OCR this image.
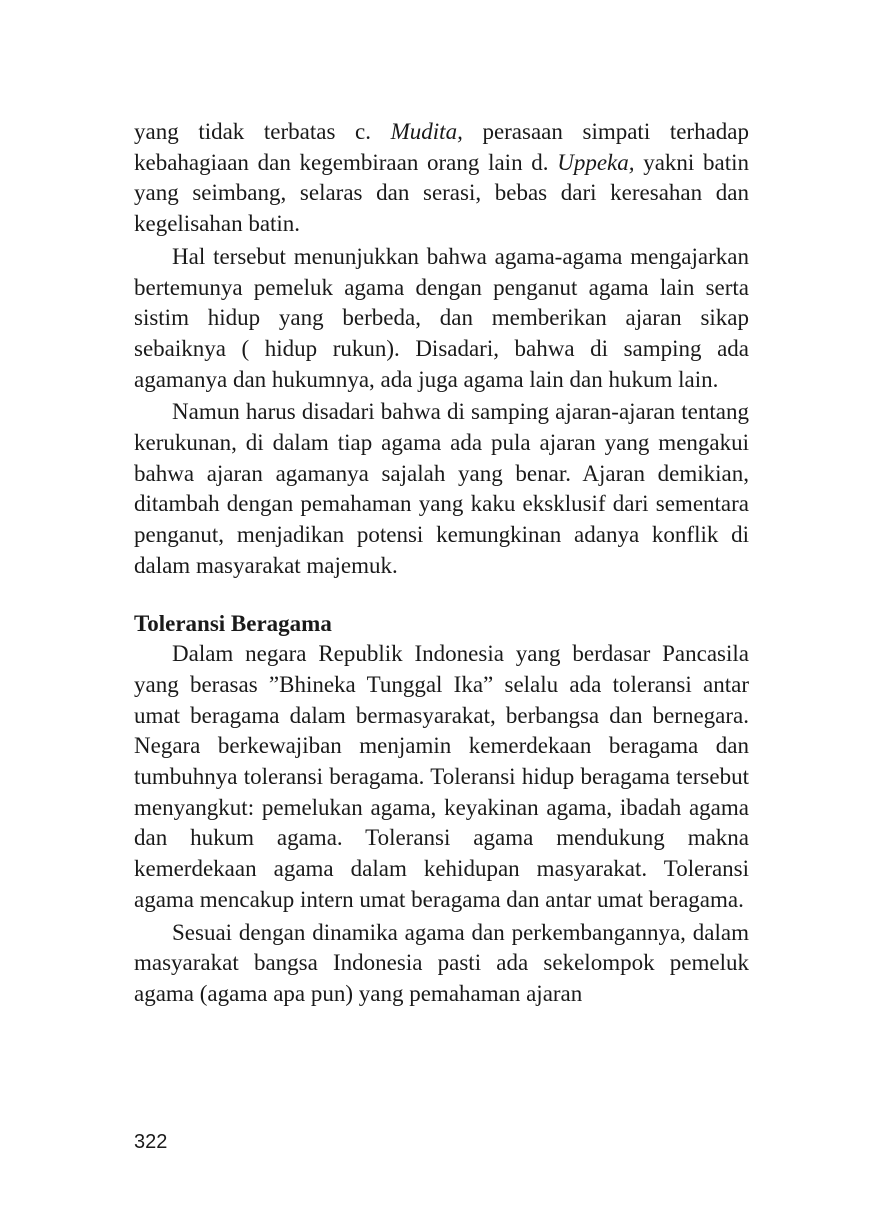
yang tidak terbatas c. Mudita, perasaan simpati terhadap kebahagiaan dan kegembiraan orang lain d. Uppeka, yakni batin yang seimbang, selaras dan serasi, bebas dari keresahan dan kegelisahan batin.

Hal tersebut menunjukkan bahwa agama-agama mengajarkan bertemunya pemeluk agama dengan penganut agama lain serta sistim hidup yang berbeda, dan memberikan ajaran sikap sebaiknya ( hidup rukun). Disadari, bahwa di samping ada agamanya dan hukumnya, ada juga agama lain dan hukum lain.

Namun harus disadari bahwa di samping ajaran-ajaran tentang kerukunan, di dalam tiap agama ada pula ajaran yang mengakui bahwa ajaran agamanya sajalah yang benar. Ajaran demikian, ditambah dengan pemahaman yang kaku eksklusif dari sementara penganut, menjadikan potensi kemungkinan adanya konflik di dalam masyarakat majemuk.

Toleransi Beragama

Dalam negara Republik Indonesia yang berdasar Pancasila yang berasas ”Bhineka Tunggal Ika” selalu ada toleransi antar umat beragama dalam bermasyarakat, berbangsa dan bernegara. Negara berkewajiban menjamin kemerdekaan beragama dan tumbuhnya toleransi beragama. Toleransi hidup beragama tersebut menyangkut: pemelukan agama, keyakinan agama, ibadah agama dan hukum agama. Toleransi agama mendukung makna kemerdekaan agama dalam kehidupan masyarakat. Toleransi agama mencakup intern umat beragama dan antar umat beragama.

Sesuai dengan dinamika agama dan perkembangannya, dalam masyarakat bangsa Indonesia pasti ada sekelompok pemeluk agama (agama apa pun) yang pemahaman ajaran

322
